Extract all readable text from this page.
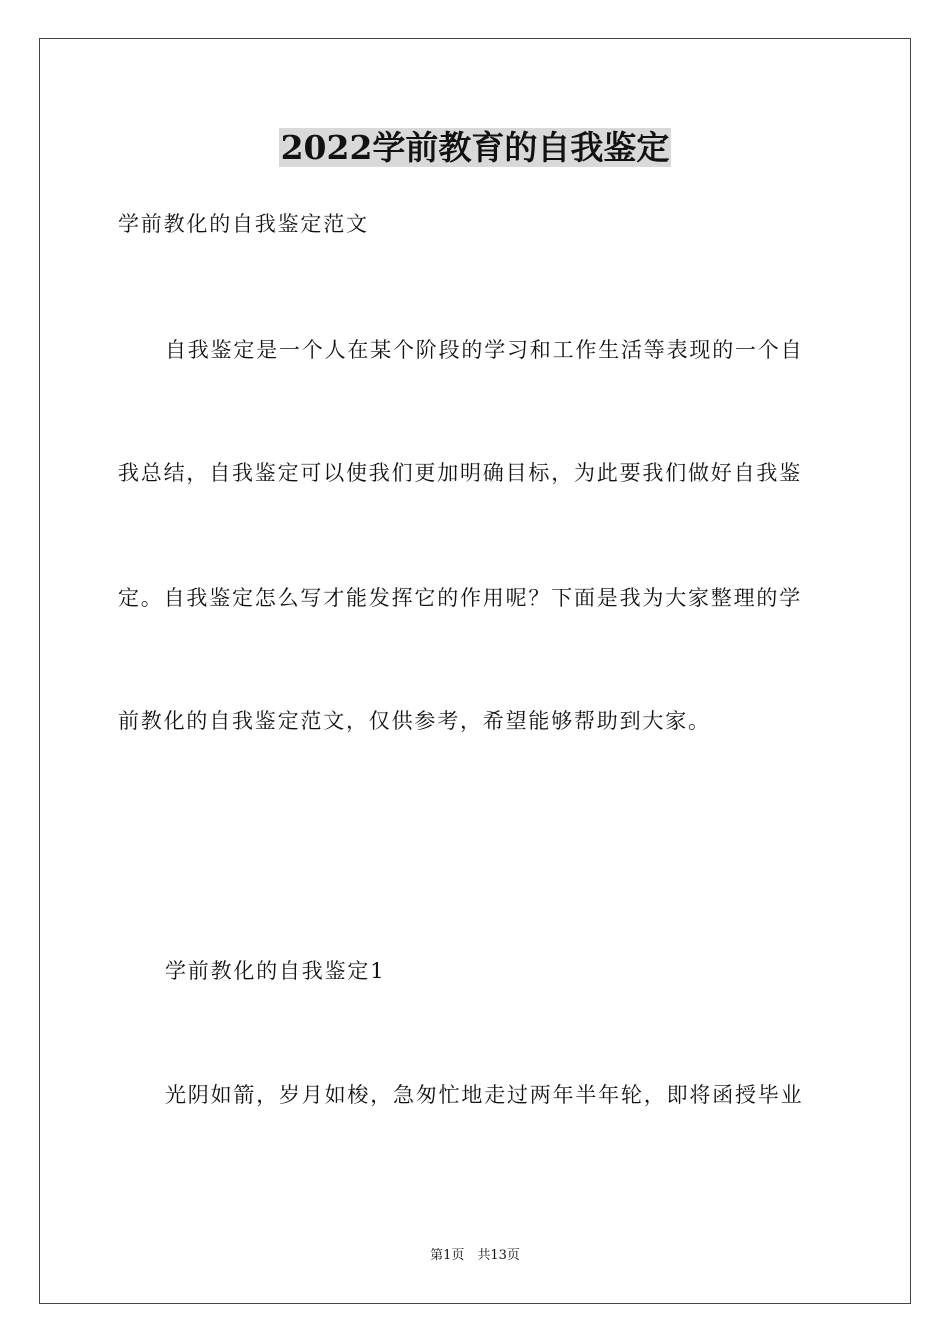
2022学前教育的自我鉴定
学前教化的自我鉴定范文
自我鉴定是一个人在某个阶段的学习和工作生活等表现的一个自
我总结，自我鉴定可以使我们更加明确目标，为此要我们做好自我鉴
定。自我鉴定怎么写才能发挥它的作用呢？下面是我为大家整理的学
前教化的自我鉴定范文，仅供参考，希望能够帮助到大家。
学前教化的自我鉴定1
光阴如箭，岁月如梭，急匆忙地走过两年半年轮，即将函授毕业
第1页　共13页
